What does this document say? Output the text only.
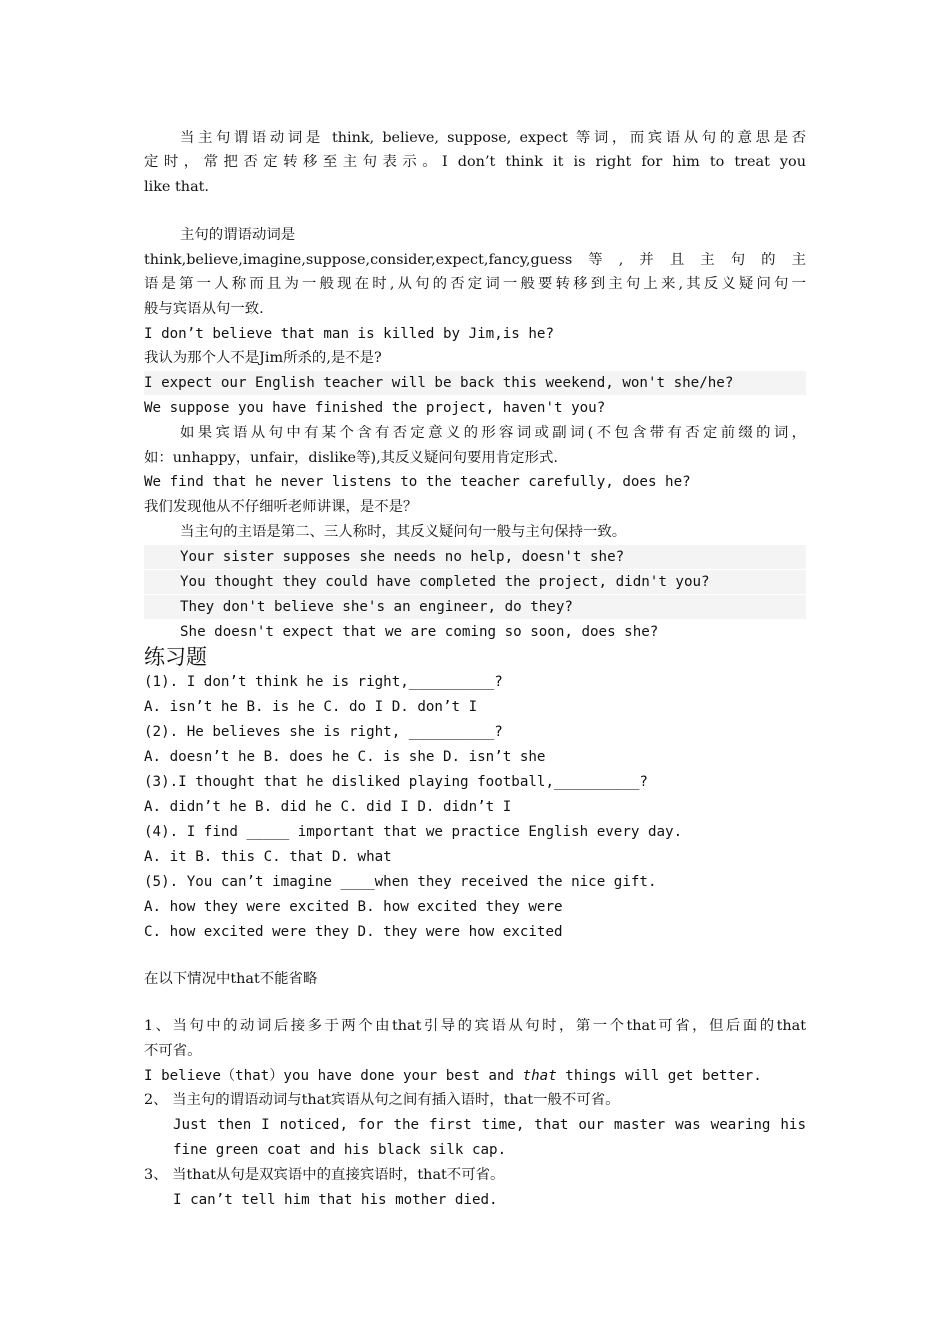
当主句谓语动词是 think, believe, suppose, expect 等词，而宾语从句的意思是否
定时，常把否定转移至主句表示。I don’t think it is right for him to treat you
like that.
主句的谓语动词是
think,believe,imagine,suppose,consider,expect,fancy,guess等,并且主句的主
语是第一人称而且为一般现在时,从句的否定词一般要转移到主句上来,其反义疑问句一
般与宾语从句一致.
I don’t believe that man is killed by Jim,is he?
我认为那个人不是Jim所杀的,是不是?
I expect our English teacher will be back this weekend, won't she/he?
We suppose you have finished the project, haven't you?
如果宾语从句中有某个含有否定意义的形容词或副词(不包含带有否定前缀的词，
如：unhappy，unfair，dislike等),其反义疑问句要用肯定形式.
We find that he never listens to the teacher carefully, does he?
我们发现他从不仔细听老师讲课，是不是？
当主句的主语是第二、三人称时，其反义疑问句一般与主句保持一致。
Your sister supposes she needs no help, doesn't she?
You thought they could have completed the project, didn't you?
They don't believe she's an engineer, do they?
She doesn't expect that we are coming so soon, does she?
练习题
(1). I don’t think he is right,__________?
A. isn’t he B. is he C. do I D. don’t I
(2). He believes she is right, __________?
A. doesn’t he B. does he C. is she D. isn’t she
(3).I thought that he disliked playing football,__________?
A. didn’t he B. did he C. did I D. didn’t I
(4). I find _____ important that we practice English every day.
A. it B. this C. that D. what
(5). You can’t imagine ____when they received the nice gift.
A. how they were excited B. how excited they were
C. how excited were they D. they were how excited
在以下情况中that不能省略
1、当句中的动词后接多于两个由that引导的宾语从句时，第一个that可省，但后面的that
不可省。
I believe（that）you have done your best and that things will get better.
2、 当主句的谓语动词与that宾语从句之间有插入语时，that一般不可省。
Just then I noticed, for the first time, that our master was wearing his
fine green coat and his black silk cap.
3、 当that从句是双宾语中的直接宾语时，that不可省。
I can’t tell him that his mother died.
